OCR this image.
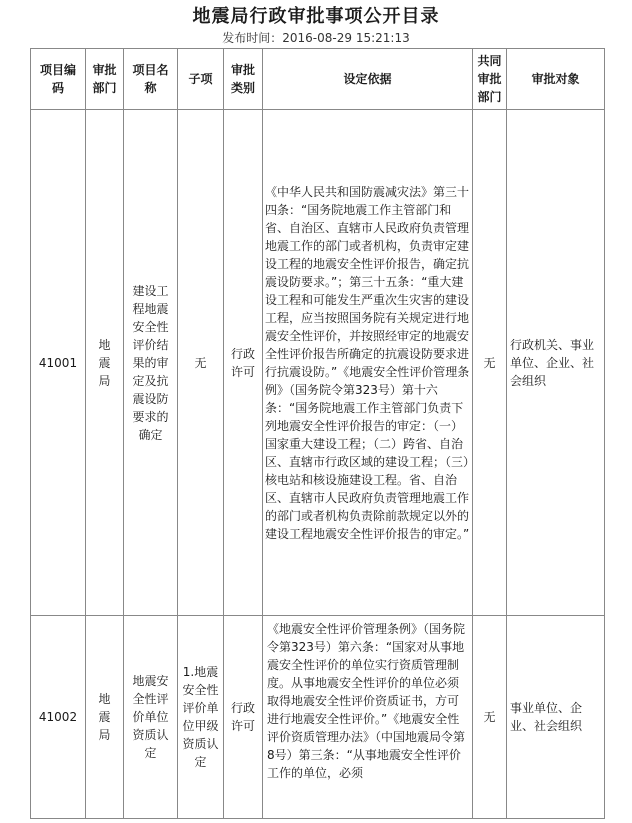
地震局行政审批事项公开目录
发布时间：2016-08-29 15:21:13
项目编码	审批部门	项目名称	子项	审批类别	设定依据	共同审批部门	审批对象
41001	地震局	建设工程地震安全性评价结果的审定及抗震设防要求的确定	无	行政许可	《中华人民共和国防震减灾法》第三十四条：“国务院地震工作主管部门和省、自治区、直辖市人民政府负责管理地震工作的部门或者机构，负责审定建设工程的地震安全性评价报告，确定抗震设防要求。”；第三十五条：“重大建设工程和可能发生严重次生灾害的建设工程，应当按照国务院有关规定进行地震安全性评价，并按照经审定的地震安全性评价报告所确定的抗震设防要求进行抗震设防。”《地震安全性评价管理条例》（国务院令第323号）第十六条：“国务院地震工作主管部门负责下列地震安全性评价报告的审定：（一）国家重大建设工程；（二）跨省、自治区、直辖市行政区域的建设工程；（三）核电站和核设施建设工程。省、自治区、直辖市人民政府负责管理地震工作的部门或者机构负责除前款规定以外的建设工程地震安全性评价报告的审定。”	无	行政机关、事业单位、企业、社会组织
41002	地震局	地震安全性评价单位资质认定	1.地震安全性评价单位甲级资质认定	行政许可	《地震安全性评价管理条例》（国务院令第323号）第六条：“国家对从事地震安全性评价的单位实行资质管理制度。从事地震安全性评价的单位必须取得地震安全性评价资质证书，方可进行地震安全性评价。”《地震安全性评价资质管理办法》（中国地震局令第8号）第三条：“从事地震安全性评价工作的单位，必须	无	事业单位、企业、社会组织
